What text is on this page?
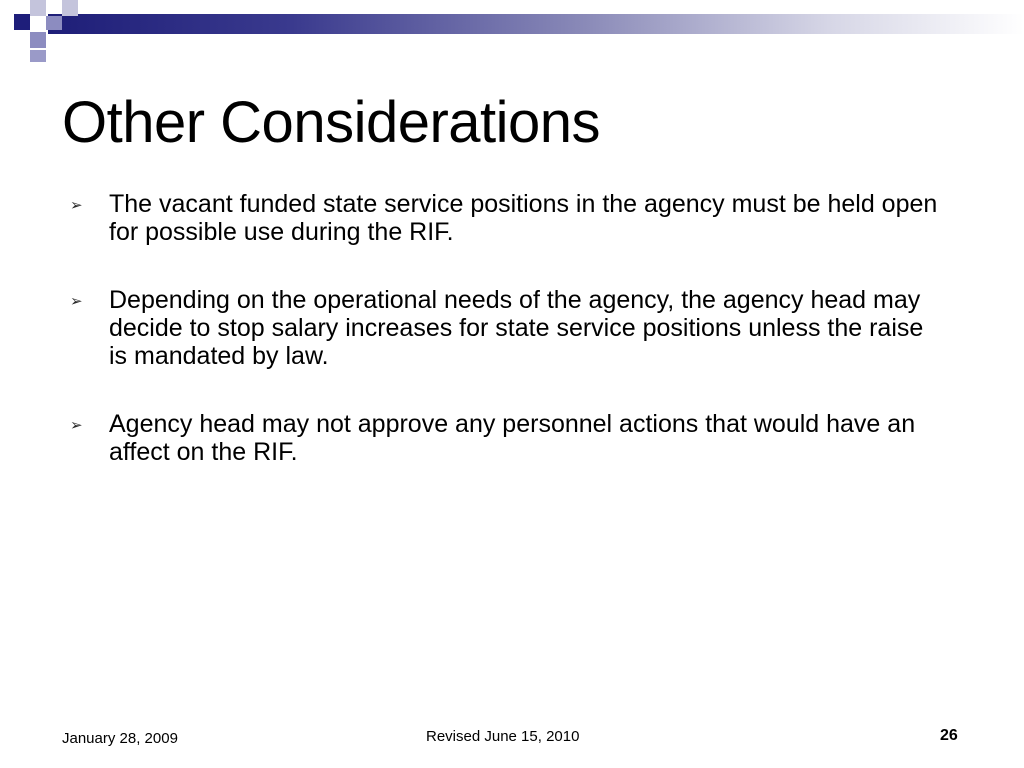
Other Considerations
➢ The vacant funded state service positions in the agency must be held open for possible use during the RIF.
➢ Depending on the operational needs of the agency, the agency head may decide to stop salary increases for state service positions unless the raise is mandated by law.
➢ Agency head may not approve any personnel actions that would have an affect on the RIF.
January 28, 2009	Revised June 15, 2010	26
